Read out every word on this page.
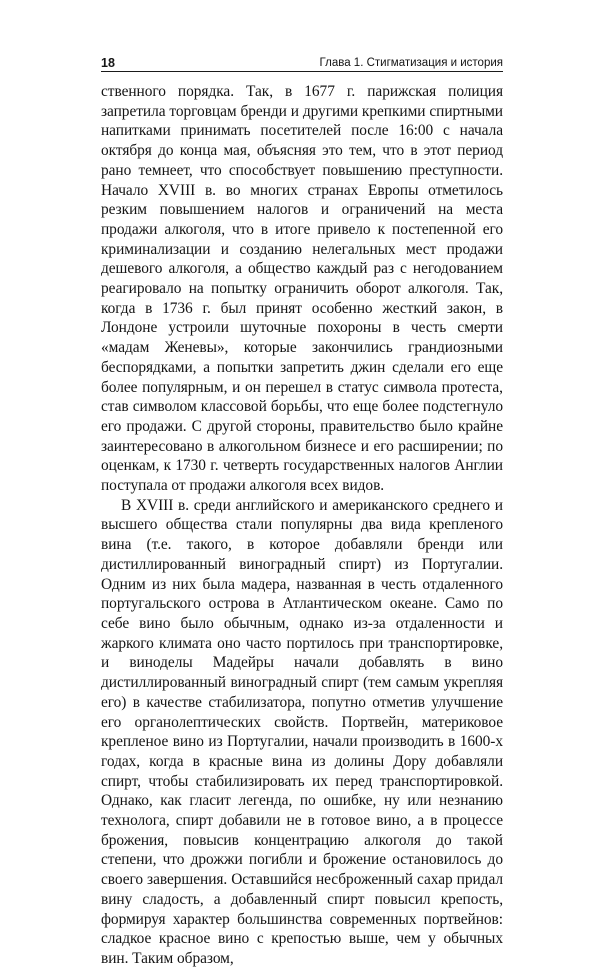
18	Глава 1. Стигматизация и история

ственного порядка. Так, в 1677 г. парижская полиция запретила торговцам бренди и другими крепкими спиртными напитками принимать посетителей после 16:00 с начала октября до конца мая, объясняя это тем, что в этот период рано темнеет, что способствует повышению преступности. Начало XVIII в. во многих странах Европы отметилось резким повышением налогов и ограничений на места продажи алкоголя, что в итоге привело к постепенной его криминализации и созданию нелегальных мест продажи дешевого алкоголя, а общество каждый раз с негодованием реагировало на попытку ограничить оборот алкоголя. Так, когда в 1736 г. был принят особенно жесткий закон, в Лондоне устроили шуточные похороны в честь смерти «мадам Женевы», которые закончились грандиозными беспорядками, а попытки запретить джин сделали его еще более популярным, и он перешел в статус символа протеста, став символом классовой борьбы, что еще более подстегнуло его продажи. С другой стороны, правительство было крайне заинтересовано в алкогольном бизнесе и его расширении; по оценкам, к 1730 г. четверть государственных налогов Англии поступала от продажи алкоголя всех видов.

В XVIII в. среди английского и американского среднего и высшего общества стали популярны два вида крепленого вина (т.е. такого, в которое добавляли бренди или дистиллированный виноградный спирт) из Португалии. Одним из них была мадера, названная в честь отдаленного португальского острова в Атлантическом океане. Само по себе вино было обычным, однако из-за отдаленности и жаркого климата оно часто портилось при транспортировке, и виноделы Мадейры начали добавлять в вино дистиллированный виноградный спирт (тем самым укрепляя его) в качестве стабилизатора, попутно отметив улучшение его органолептических свойств. Портвейн, материковое крепленое вино из Португалии, начали производить в 1600-х годах, когда в красные вина из долины Дору добавляли спирт, чтобы стабилизировать их перед транспортировкой. Однако, как гласит легенда, по ошибке, ну или незнанию технолога, спирт добавили не в готовое вино, а в процессе брожения, повысив концентрацию алкоголя до такой степени, что дрожжи погибли и брожение остановилось до своего завершения. Оставшийся несброженный сахар придал вину сладость, а добавленный спирт повысил крепость, формируя характер большинства современных портвейнов: сладкое красное вино с крепостью выше, чем у обычных вин. Таким образом,
